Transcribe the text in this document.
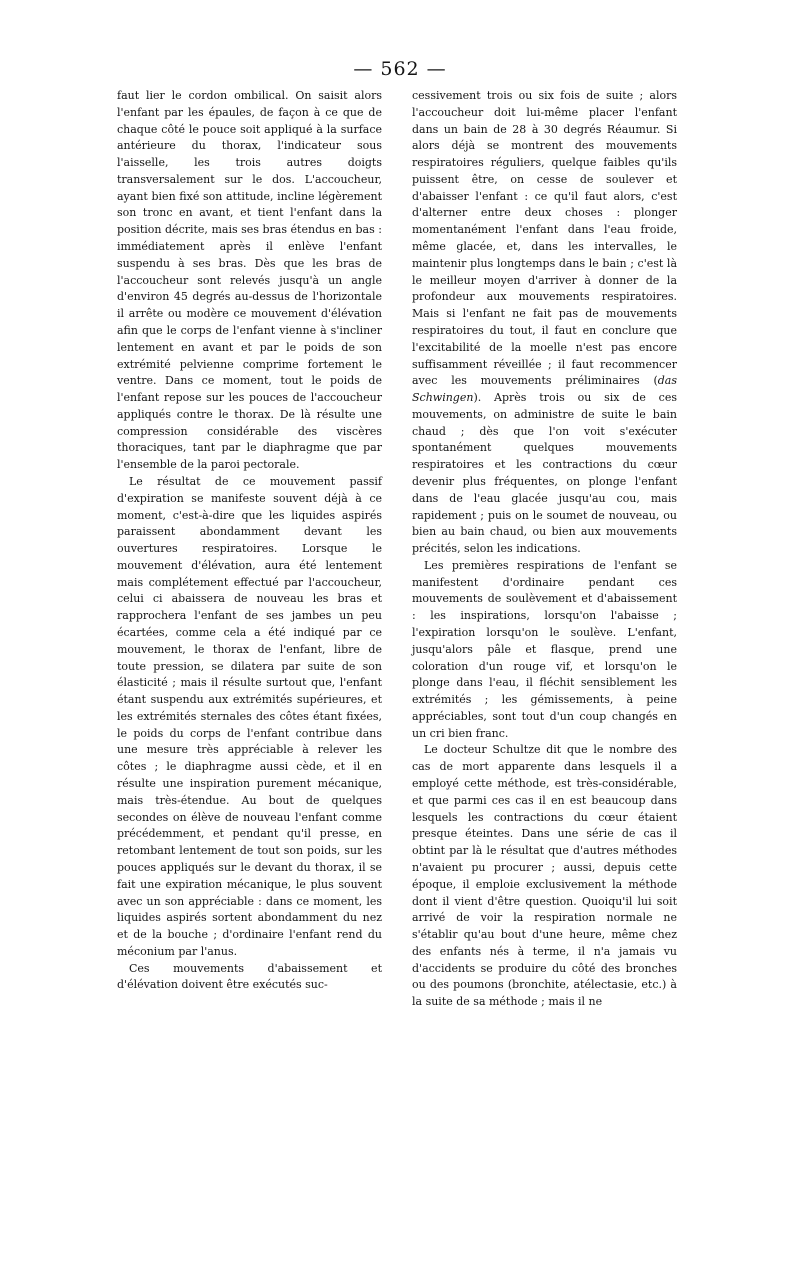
— 562 —

faut lier le cordon ombilical. On saisit alors l'enfant par les épaules, de façon à ce que de chaque côté le pouce soit appliqué à la surface antérieure du thorax, l'indicateur sous l'aisselle, les trois autres doigts transversalement sur le dos. L'accoucheur, ayant bien fixé son attitude, incline légèrement son tronc en avant, et tient l'enfant dans la position décrite, mais ses bras étendus en bas : immédiatement après il enlève l'enfant suspendu à ses bras. Dès que les bras de l'accoucheur sont relevés jusqu'à un angle d'environ 45 degrés au-dessus de l'horizontale il arrête ou modère ce mouvement d'élévation afin que le corps de l'enfant vienne à s'incliner lentement en avant et par le poids de son extrémité pelvienne comprime fortement le ventre. Dans ce moment, tout le poids de l'enfant repose sur les pouces de l'accoucheur appliqués contre le thorax. De là résulte une compression considérable des viscères thoraciques, tant par le diaphragme que par l'ensemble de la paroi pectorale.

Le résultat de ce mouvement passif d'expiration se manifeste souvent déjà à ce moment, c'est-à-dire que les liquides aspirés paraissent abondamment devant les ouvertures respiratoires. Lorsque le mouvement d'élévation, aura été lentement mais complétement effectué par l'accoucheur, celui ci abaissera de nouveau les bras et rapprochera l'enfant de ses jambes un peu écartées, comme cela a été indiqué par ce mouvement, le thorax de l'enfant, libre de toute pression, se dilatera par suite de son élasticité ; mais il résulte surtout que, l'enfant étant suspendu aux extrémités supérieures, et les extrémités sternales des côtes étant fixées, le poids du corps de l'enfant contribue dans une mesure très appréciable à relever les côtes ; le diaphragme aussi cède, et il en résulte une inspiration purement mécanique, mais très-étendue. Au bout de quelques secondes on élève de nouveau l'enfant comme précédemment, et pendant qu'il presse, en retombant lentement de tout son poids, sur les pouces appliqués sur le devant du thorax, il se fait une expiration mécanique, le plus souvent avec un son appréciable : dans ce moment, les liquides aspirés sortent abondamment du nez et de la bouche ; d'ordinaire l'enfant rend du méconium par l'anus.

Ces mouvements d'abaissement et d'élévation doivent être exécutés suc-

cessivement trois ou six fois de suite ; alors l'accoucheur doit lui-même placer l'enfant dans un bain de 28 à 30 degrés Réaumur. Si alors déjà se montrent des mouvements respiratoires réguliers, quelque faibles qu'ils puissent être, on cesse de soulever et d'abaisser l'enfant : ce qu'il faut alors, c'est d'alterner entre deux choses : plonger momentanément l'enfant dans l'eau froide, même glacée, et, dans les intervalles, le maintenir plus longtemps dans le bain ; c'est là le meilleur moyen d'arriver à donner de la profondeur aux mouvements respiratoires. Mais si l'enfant ne fait pas de mouvements respiratoires du tout, il faut en conclure que l'excitabilité de la moelle n'est pas encore suffisamment réveillée ; il faut recommencer avec les mouvements préliminaires (das Schwingen). Après trois ou six de ces mouvements, on administre de suite le bain chaud ; dès que l'on voit s'exécuter spontanément quelques mouvements respiratoires et les contractions du cœur devenir plus fréquentes, on plonge l'enfant dans de l'eau glacée jusqu'au cou, mais rapidement ; puis on le soumet de nouveau, ou bien au bain chaud, ou bien aux mouvements précités, selon les indications.

Les premières respirations de l'enfant se manifestent d'ordinaire pendant ces mouvements de soulèvement et d'abaissement : les inspirations, lorsqu'on l'abaisse ; l'expiration lorsqu'on le soulève. L'enfant, jusqu'alors pâle et flasque, prend une coloration d'un rouge vif, et lorsqu'on le plonge dans l'eau, il fléchit sensiblement les extrémités ; les gémissements, à peine appréciables, sont tout d'un coup changés en un cri bien franc.

Le docteur Schultze dit que le nombre des cas de mort apparente dans lesquels il a employé cette méthode, est très-considérable, et que parmi ces cas il en est beaucoup dans lesquels les contractions du cœur étaient presque éteintes. Dans une série de cas il obtint par là le résultat que d'autres méthodes n'avaient pu procurer ; aussi, depuis cette époque, il emploie exclusivement la méthode dont il vient d'être question. Quoiqu'il lui soit arrivé de voir la respiration normale ne s'établir qu'au bout d'une heure, même chez des enfants nés à terme, il n'a jamais vu d'accidents se produire du côté des bronches ou des poumons (bronchite, atélectasie, etc.) à la suite de sa méthode ; mais il ne
